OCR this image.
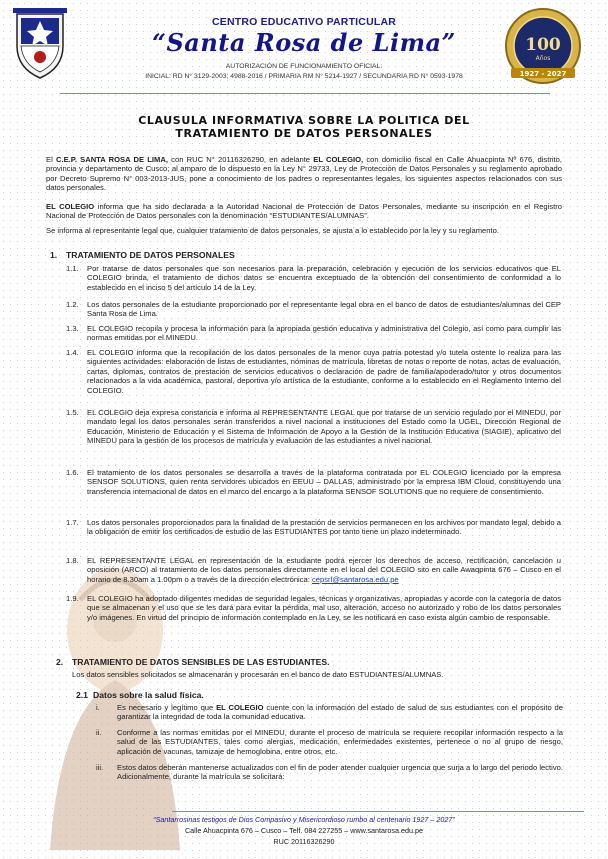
CENTRO EDUCATIVO PARTICULAR
“Santa Rosa de Lima”
AUTORIZACIÓN DE FUNCIONAMIENTO OFICIAL:
INICIAL: RD N° 3129-2003; 4988-2016 / PRIMARIA RM N° 5214-1927 / SECUNDARIA RD N° 0593-1978
100
Años
1927 - 2027
CLAUSULA INFORMATIVA SOBRE LA POLITICA DEL
TRATAMIENTO DE DATOS PERSONALES
El C.E.P. SANTA ROSA DE LIMA, con RUC N° 20116326290, en adelante EL COLEGIO, con domicilio fiscal en Calle Ahuacpinta Nº 676, distrito, provincia y departamento de Cusco; al amparo de lo dispuesto en la Ley N° 29733, Ley de Protección de Datos Personales y su reglamento aprobado por Decreto Supremo N° 003-2013-JUS, pone a conocimiento de los padres o representantes legales, los siguientes aspectos relacionados con sus datos personales.
EL COLEGIO informa que ha sido declarada a la Autoridad Nacional de Protección de Datos Personales, mediante su inscripción en el Registro Nacional de Protección de Datos personales con la denominación “ESTUDIANTES/ALUMNAS”.
Se informa al representante legal que, cualquier tratamiento de datos personales, se ajusta a lo establecido por la ley y su reglamento.
1. TRATAMIENTO DE DATOS PERSONALES
1.1. Por tratarse de datos personales que son necesarios para la preparación, celebración y ejecución de los servicios educativos que EL COLEGIO brinda, el tratamiento de dichos datos se encuentra exceptuado de la obtención del consentimiento de conformidad a lo establecido en el inciso 5 del artículo 14 de la Ley.
1.2. Los datos personales de la estudiante proporcionado por el representante legal obra en el banco de datos de estudiantes/alumnas del CEP Santa Rosa de Lima.
1.3. EL COLEGIO recopila y procesa la información para la apropiada gestión educativa y administrativa del Colegio, así como para cumplir las normas emitidas por el MINEDU.
1.4. EL COLEGIO informa que la recopilación de los datos personales de la menor cuya patria potestad y/o tutela ostente lo realiza para las siguientes actividades: elaboración de listas de estudiantes, nóminas de matrícula, libretas de notas o reporte de notas, actas de evaluación, cartas, diplomas, contratos de prestación de servicios educativos o declaración de padre de familia/apoderado/tutor y otros documentos relacionados a la vida académica, pastoral, deportiva y/o artística de la estudiante, conforme a lo establecido en el Reglamento Interno del COLEGIO.
1.5. EL COLEGIO deja expresa constancia e informa al REPRESENTANTE LEGAL que por tratarse de un servicio regulado por el MINEDU, por mandato legal los datos personales serán transferidos a nivel nacional a instituciones del Estado como la UGEL, Dirección Regional de Educación, Ministerio de Educación y el Sistema de Información de Apoyo a la Gestión de la Institución Educativa (SIAGIE), aplicativo del MINEDU para la gestión de los procesos de matrícula y evaluación de las estudiantes a nivel nacional.
1.6. El tratamiento de los datos personales se desarrolla a través de la plataforma contratada por EL COLEGIO licenciado por la empresa SENSOF SOLUTIONS, quien renta servidores ubicados en EEUU – DALLAS, administrado por la empresa IBM Cloud, constituyendo una transferencia internacional de datos en el marco del encargo a la plataforma SENSOF SOLUTIONS que no requiere de consentimiento.
1.7. Los datos personales proporcionados para la finalidad de la prestación de servicios permanecen en los archivos por mandato legal, debido a la obligación de emitir los certificados de estudio de las ESTUDIANTES por tanto tiene un plazo indeterminado.
1.8. EL REPRESENTANTE LEGAL en representación de la estudiante podrá ejercer los derechos de acceso, rectificación, cancelación u oposición (ARCO) al tratamiento de los datos personales directamente en el local del COLEGIO sito en calle Awaqpinta 676 – Cusco en el horario de 8.30am a 1.00pm o a través de la dirección electrónica: cepsrl@santarosa.edu.pe
1.9. EL COLEGIO ha adoptado diligentes medidas de seguridad legales, técnicas y organizativas, apropiadas y acorde con la categoría de datos que se almacenan y el uso que se les dará para evitar la pérdida, mal uso, alteración, acceso no autorizado y robo de los datos personales y/o imágenes. En virtud del principio de información contemplado en la Ley, se les notificará en caso exista algún cambio de responsable.
2. TRATAMIENTO DE DATOS SENSIBLES DE LAS ESTUDIANTES.
Los datos sensibles solicitados se almacenarán y procesarán en el banco de dato ESTUDIANTES/ALUMNAS.
2.1 Datos sobre la salud física.
i. Es necesario y legítimo que EL COLEGIO cuente con la información del estado de salud de sus estudiantes con el propósito de garantizar la integridad de toda la comunidad educativa.
ii. Conforme a las normas emitidas por el MINEDU, durante el proceso de matrícula se requiere recopilar información respecto a la salud de las ESTUDIANTES, tales como alergias, medicación, enfermedades existentes, pertenece o no al grupo de riesgo, aplicación de vacunas, tamizaje de hemoglobina, entre otros, etc.
iii. Estos datos deberán mantenerse actualizados con el fin de poder atender cualquier urgencia que surja a lo largo del periodo lectivo. Adicionalmente, durante la matrícula se solicitará:
“Santarrosinas testigos de Dios Compasivo y Misericordioso rumbo al centenario 1927 – 2027”
Calle Ahuacpinta 676 – Cusco – Telf. 084 227255 – www.santarosa.edu.pe
RUC 20116326290
